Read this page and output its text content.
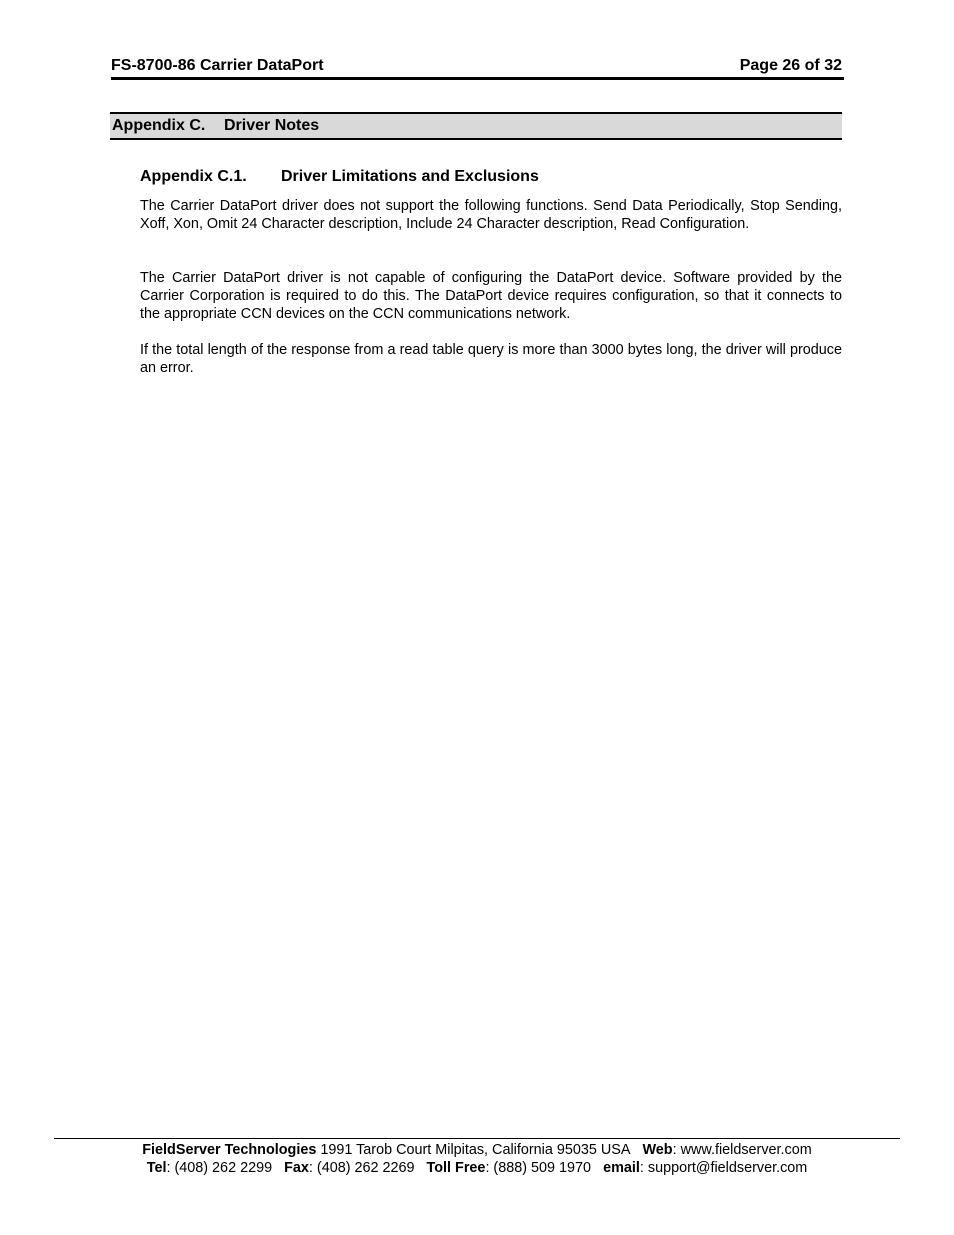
FS-8700-86 Carrier DataPort	Page 26 of 32
Appendix C. Driver Notes
Appendix C.1. Driver Limitations and Exclusions

The Carrier DataPort driver does not support the following functions. Send Data Periodically, Stop Sending, Xoff, Xon, Omit 24 Character description, Include 24 Character description, Read Configuration.

The Carrier DataPort driver is not capable of configuring the DataPort device. Software provided by the Carrier Corporation is required to do this. The DataPort device requires configuration, so that it connects to the appropriate CCN devices on the CCN communications network.

If the total length of the response from a read table query is more than 3000 bytes long, the driver will produce an error.

FieldServer Technologies 1991 Tarob Court Milpitas, California 95035 USA Web: www.fieldserver.com
Tel: (408) 262 2299 Fax: (408) 262 2269 Toll Free: (888) 509 1970 email: support@fieldserver.com
